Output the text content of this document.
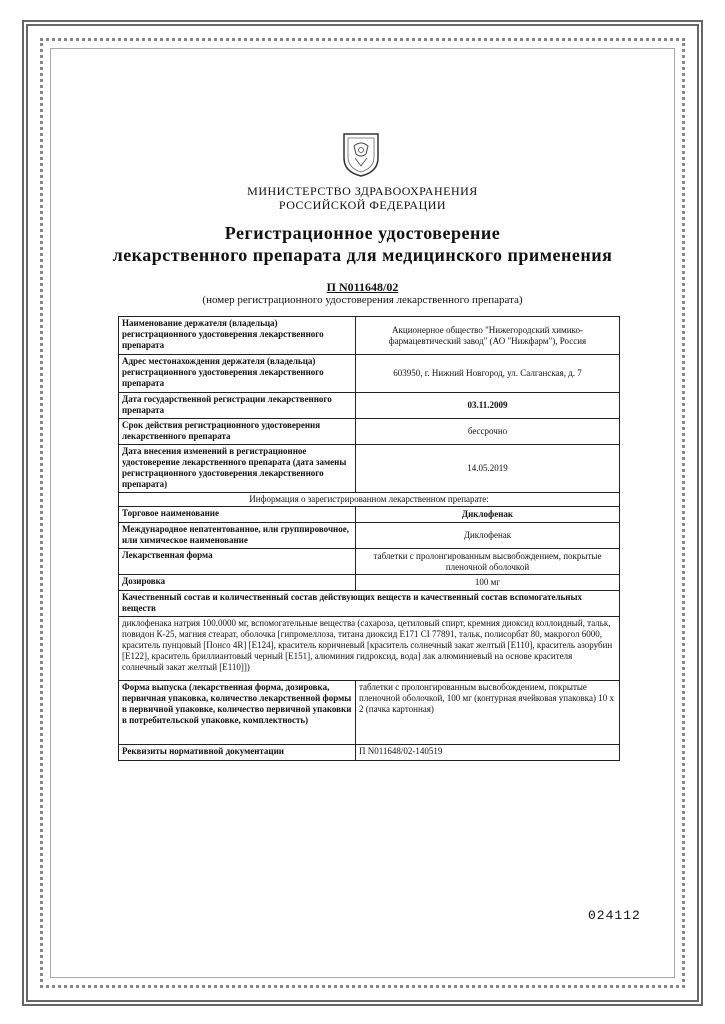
МИНИСТЕРСТВО ЗДРАВООХРАНЕНИЯ
РОССИЙСКОЙ ФЕДЕРАЦИИ
Регистрационное удостоверение
лекарственного препарата для медицинского применения
П N011648/02
(номер регистрационного удостоверения лекарственного препарата)
Наименование держателя (владельца) регистрационного удостоверения лекарственного препарата	Акционерное общество "Нижегородский химико-фармацевтический завод" (АО "Нижфарм"), Россия
Адрес местонахождения держателя (владельца) регистрационного удостоверения лекарственного препарата	603950, г. Нижний Новгород, ул. Салганская, д. 7
Дата государственной регистрации лекарственного препарата	03.11.2009
Срок действия регистрационного удостоверения лекарственного препарата	бессрочно
Дата внесения изменений в регистрационное удостоверение лекарственного препарата (дата замены регистрационного удостоверения лекарственного препарата)	14.05.2019
Информация о зарегистрированном лекарственном препарате:	
Торговое наименование	Диклофенак
Международное непатентованное, или группировочное, или химическое наименование	Диклофенак
Лекарственная форма	таблетки с пролонгированным высвобождением, покрытые пленочной оболочкой
Дозировка	100 мг
Качественный состав и количественный состав действующих веществ и качественный состав вспомогательных веществ	
диклофенака натрия 100.0000 мг, вспомогательные вещества (сахароза, цетиловый спирт, кремния диоксид коллоидный, тальк, повидон К-25, магния стеарат, оболочка [гипромеллоза, титана диоксид E171 CI 77891, тальк, полисорбат 80, макрогол 6000, краситель пунцовый [Понсо 4R] [E124], краситель коричневый [краситель солнечный закат желтый [E110], краситель азорубин [E122], краситель бриллиантовый черный [E151], алюминия гидроксид, вода] лак алюминиевый на основе красителя солнечный закат желтый [E110]])	
Форма выпуска (лекарственная форма, дозировка, первичная упаковка, количество лекарственной формы в первичной упаковке, количество первичной упаковки в потребительской упаковке, комплектность)	таблетки с пролонгированным высвобождением, покрытые пленочной оболочкой, 100 мг (контурная ячейковая упаковка) 10 x 2 (пачка картонная)
Реквизиты нормативной документации	П N011648/02-140519
024112
